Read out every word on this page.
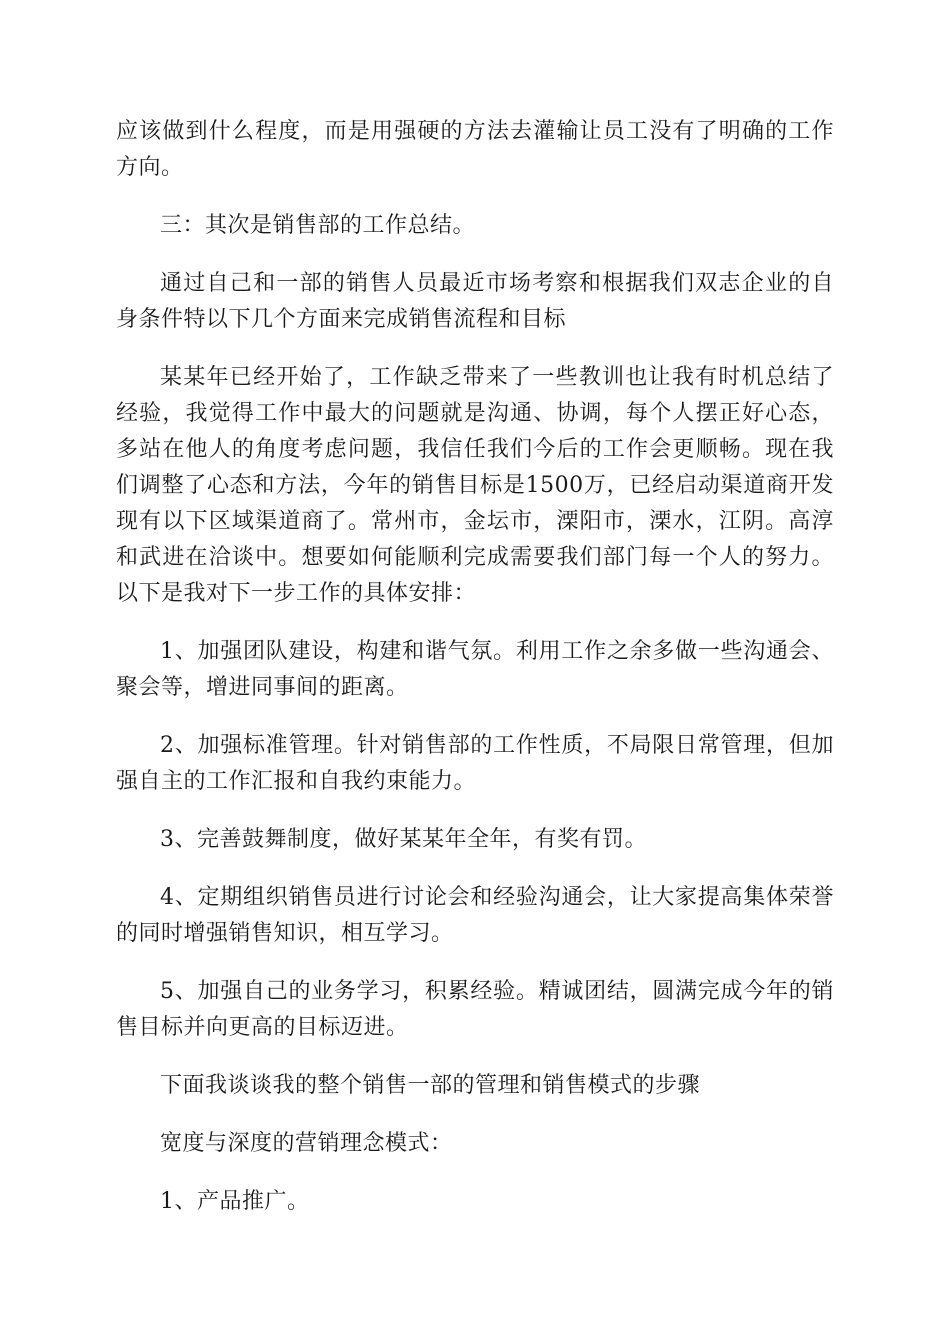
应该做到什么程度，而是用强硬的方法去灌输让员工没有了明确的工作方向。

三：其次是销售部的工作总结。

通过自己和一部的销售人员最近市场考察和根据我们双志企业的自身条件特以下几个方面来完成销售流程和目标

某某年已经开始了，工作缺乏带来了一些教训也让我有时机总结了经验，我觉得工作中最大的问题就是沟通、协调，每个人摆正好心态，多站在他人的角度考虑问题，我信任我们今后的工作会更顺畅。现在我们调整了心态和方法，今年的销售目标是1500万，已经启动渠道商开发现有以下区域渠道商了。常州市，金坛市，溧阳市，溧水，江阴。高淳和武进在洽谈中。想要如何能顺利完成需要我们部门每一个人的努力。以下是我对下一步工作的具体安排：

1、加强团队建设，构建和谐气氛。利用工作之余多做一些沟通会、聚会等，增进同事间的距离。

2、加强标准管理。针对销售部的工作性质，不局限日常管理，但加强自主的工作汇报和自我约束能力。

3、完善鼓舞制度，做好某某年全年，有奖有罚。

4、定期组织销售员进行讨论会和经验沟通会，让大家提高集体荣誉的同时增强销售知识，相互学习。

5、加强自己的业务学习，积累经验。精诚团结，圆满完成今年的销售目标并向更高的目标迈进。

下面我谈谈我的整个销售一部的管理和销售模式的步骤

宽度与深度的营销理念模式：

1、产品推广。
